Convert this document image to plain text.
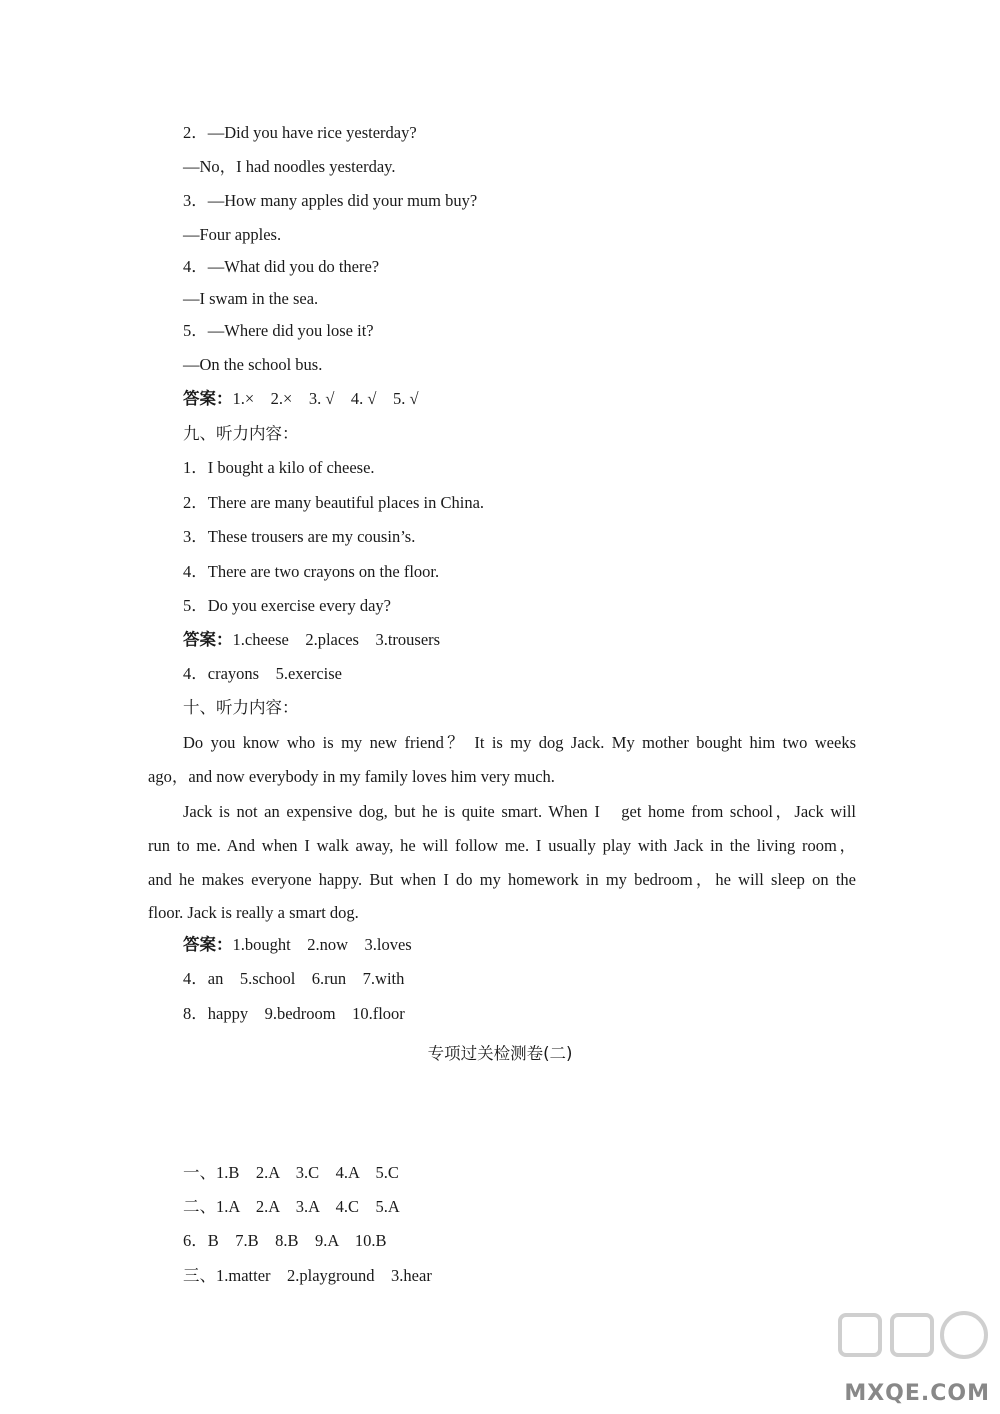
2．—Did you have rice yesterday?
—No，I had noodles yesterday.
3．—How many apples did your mum buy?
—Four apples.
4．—What did you do there?
—I swam in the sea.
5．—Where did you lose it?
—On the school bus.
答案：1.×　2.×　3. √　4. √　5. √
九、听力内容：
1．I bought a kilo of cheese.
2．There are many beautiful places in China.
3．These trousers are my cousin’s.
4．There are two crayons on the floor.
5．Do you exercise every day?
答案：1.cheese　2.places　3.trousers
4．crayons　5.exercise
十、听力内容：
Do you know who is my new friend？ It is my dog Jack. My mother bought him two weeks
ago，and now everybody in my family loves him very much.
Jack is not an expensive dog, but he is quite smart. When I　get home from school，Jack will
run to me. And when I walk away, he will follow me. I usually play with Jack in the living room，
and he makes everyone happy. But when I do my homework in my bedroom，he will sleep on the
floor. Jack is really a smart dog.
答案：1.bought　2.now　3.loves
4．an　5.school　6.run　7.with
8．happy　9.bedroom　10.floor
专项过关检测卷(二)
一、1.B　2.A　3.C　4.A　5.C
二、1.A　2.A　3.A　4.C　5.A
6．B　7.B　8.B　9.A　10.B
三、1.matter　2.playground　3.hear
MXQE.COM
